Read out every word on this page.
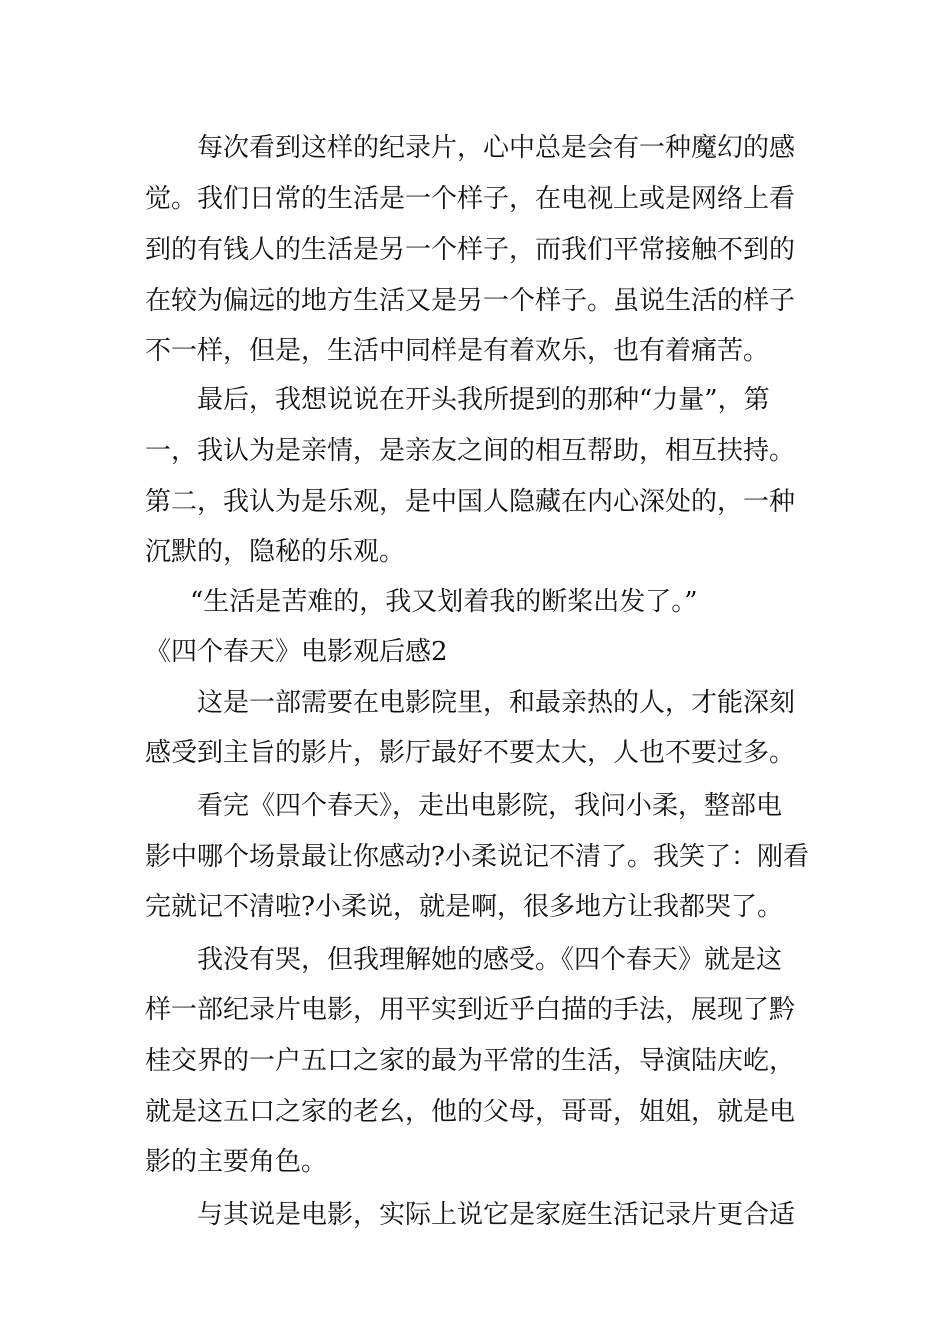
每次看到这样的纪录片，心中总是会有一种魔幻的感
觉。我们日常的生活是一个样子，在电视上或是网络上看
到的有钱人的生活是另一个样子，而我们平常接触不到的
在较为偏远的地方生活又是另一个样子。虽说生活的样子
不一样，但是，生活中同样是有着欢乐，也有着痛苦。
最后，我想说说在开头我所提到的那种“力量”，第
一，我认为是亲情，是亲友之间的相互帮助，相互扶持。
第二，我认为是乐观，是中国人隐藏在内心深处的，一种
沉默的，隐秘的乐观。
“生活是苦难的，我又划着我的断桨出发了。”
《四个春天》电影观后感2
这是一部需要在电影院里，和最亲热的人，才能深刻
感受到主旨的影片，影厅最好不要太大，人也不要过多。
看完《四个春天》，走出电影院，我问小柔，整部电
影中哪个场景最让你感动?小柔说记不清了。我笑了：刚看
完就记不清啦?小柔说，就是啊，很多地方让我都哭了。
我没有哭，但我理解她的感受。《四个春天》就是这
样一部纪录片电影，用平实到近乎白描的手法，展现了黔
桂交界的一户五口之家的最为平常的生活，导演陆庆屹，
就是这五口之家的老幺，他的父母，哥哥，姐姐，就是电
影的主要角色。
与其说是电影，实际上说它是家庭生活记录片更合适
